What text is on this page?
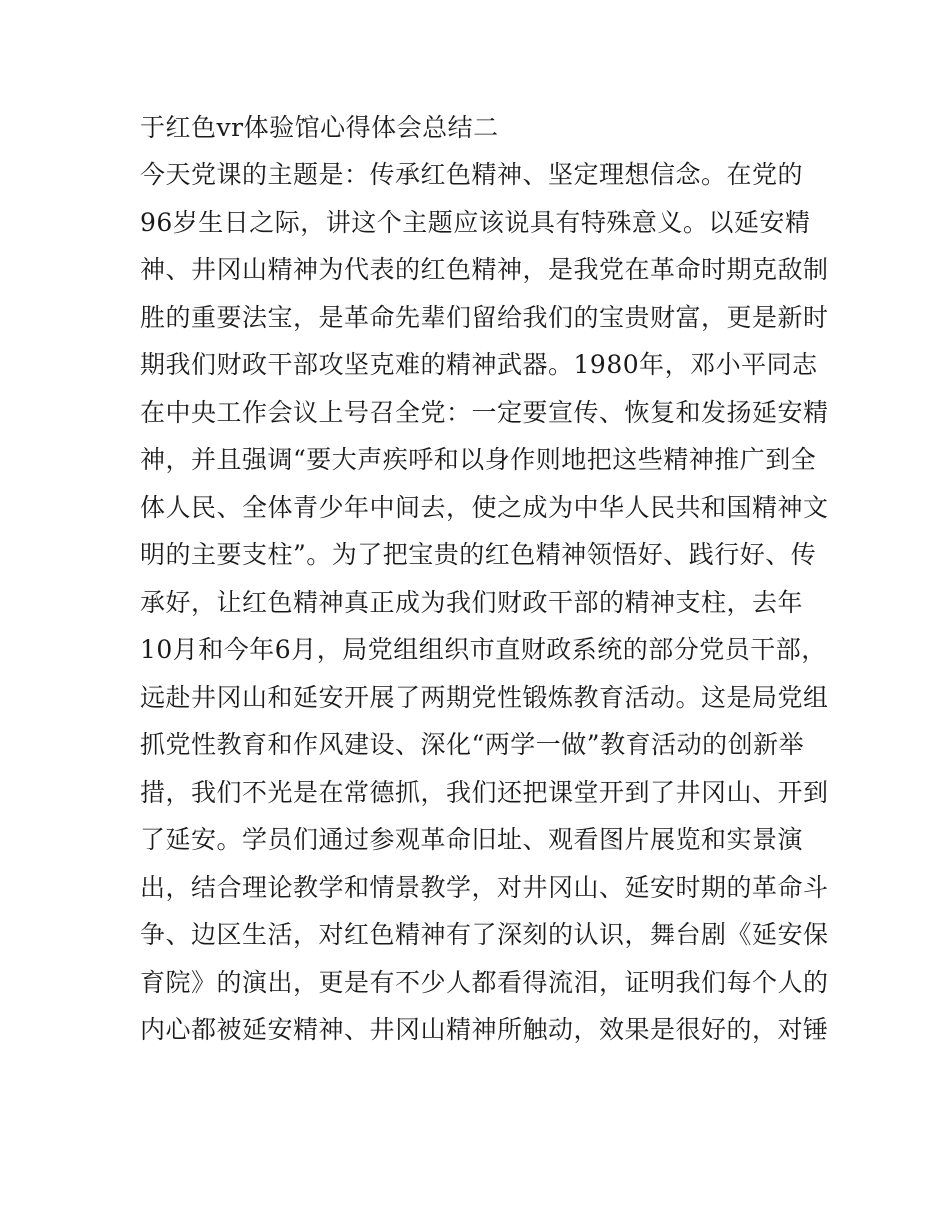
于红色vr体验馆心得体会总结二
今天党课的主题是：传承红色精神、坚定理想信念。在党的
96岁生日之际，讲这个主题应该说具有特殊意义。以延安精
神、井冈山精神为代表的红色精神，是我党在革命时期克敌制
胜的重要法宝，是革命先辈们留给我们的宝贵财富，更是新时
期我们财政干部攻坚克难的精神武器。1980年，邓小平同志
在中央工作会议上号召全党：一定要宣传、恢复和发扬延安精
神，并且强调“要大声疾呼和以身作则地把这些精神推广到全
体人民、全体青少年中间去，使之成为中华人民共和国精神文
明的主要支柱”。为了把宝贵的红色精神领悟好、践行好、传
承好，让红色精神真正成为我们财政干部的精神支柱，去年
10月和今年6月，局党组组织市直财政系统的部分党员干部，
远赴井冈山和延安开展了两期党性锻炼教育活动。这是局党组
抓党性教育和作风建设、深化“两学一做”教育活动的创新举
措，我们不光是在常德抓，我们还把课堂开到了井冈山、开到
了延安。学员们通过参观革命旧址、观看图片展览和实景演
出，结合理论教学和情景教学，对井冈山、延安时期的革命斗
争、边区生活，对红色精神有了深刻的认识，舞台剧《延安保
育院》的演出，更是有不少人都看得流泪，证明我们每个人的
内心都被延安精神、井冈山精神所触动，效果是很好的，对锤
